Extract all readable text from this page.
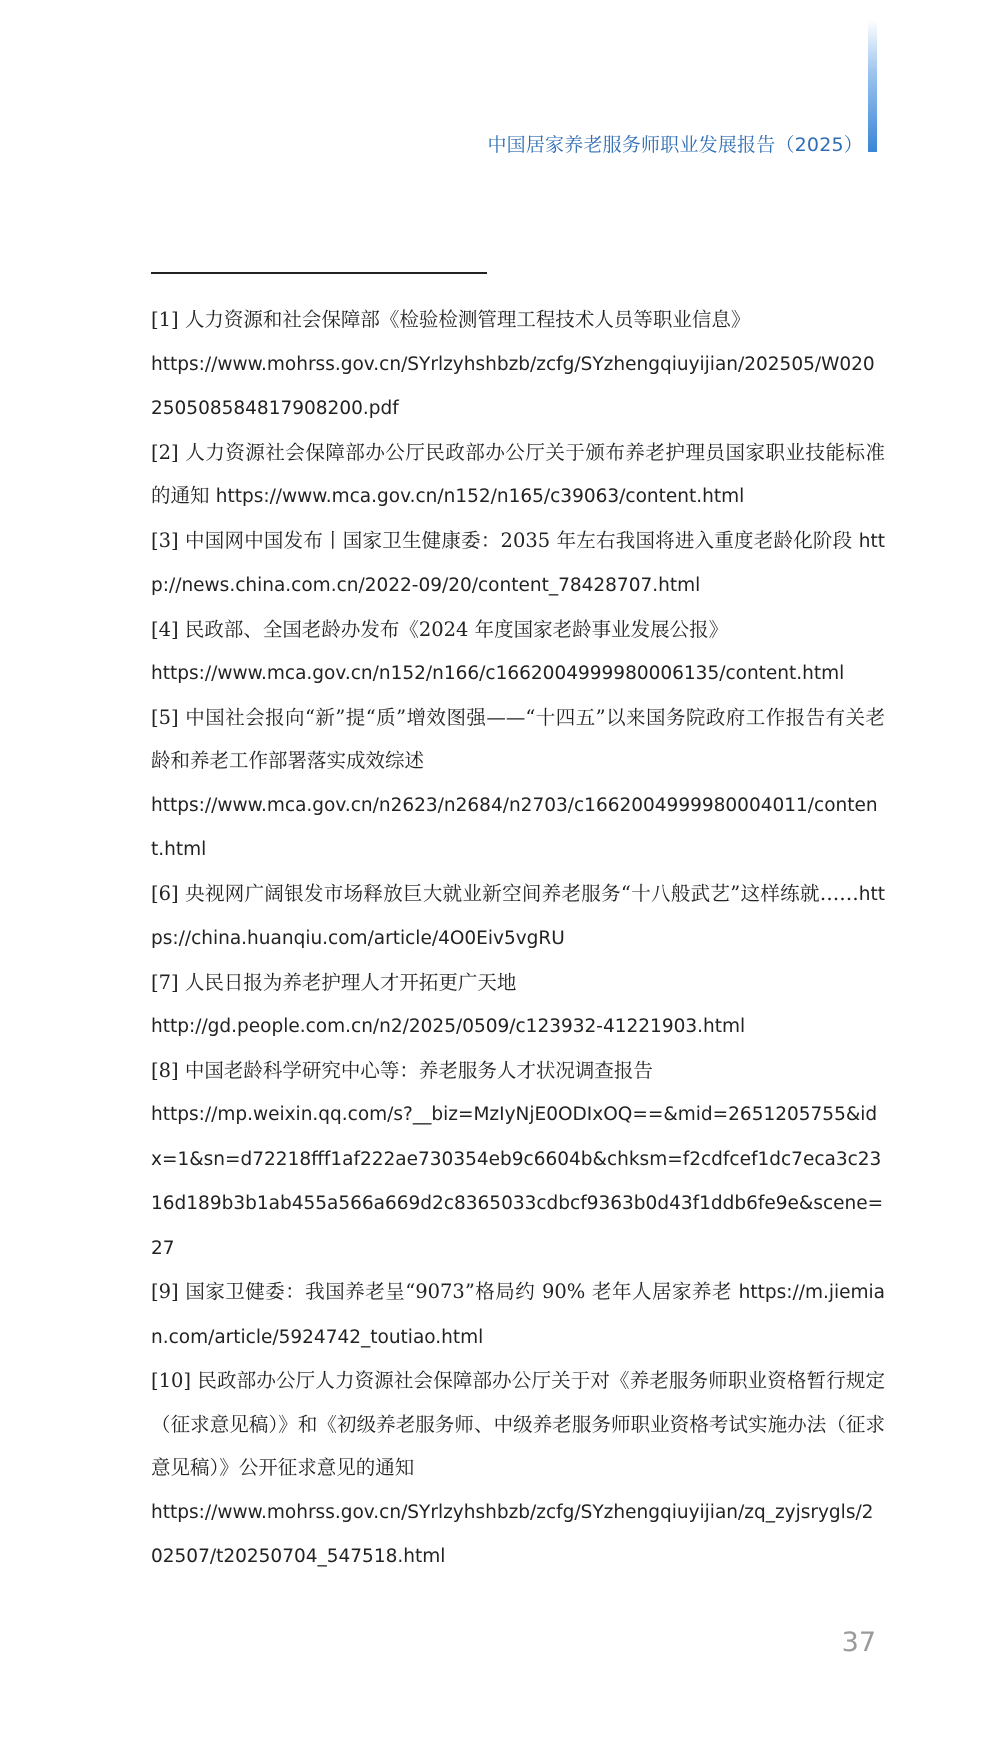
中国居家养老服务师职业发展报告（2025）
[1] 人力资源和社会保障部《检验检测管理工程技术人员等职业信息》
https://www.mohrss.gov.cn/SYrlzyhshbzb/zcfg/SYzhengqiuyijian/202505/W020250508584817908200.pdf
[2] 人力资源社会保障部办公厅民政部办公厅关于颁布养老护理员国家职业技能标准的通知 https://www.mca.gov.cn/n152/n165/c39063/content.html
[3] 中国网中国发布丨国家卫生健康委：2035 年左右我国将进入重度老龄化阶段 http://news.china.com.cn/2022-09/20/content_78428707.html
[4] 民政部、全国老龄办发布《2024 年度国家老龄事业发展公报》
https://www.mca.gov.cn/n152/n166/c1662004999980006135/content.html
[5] 中国社会报向“新”提“质”增效图强——“十四五”以来国务院政府工作报告有关老龄和养老工作部署落实成效综述
https://www.mca.gov.cn/n2623/n2684/n2703/c1662004999980004011/content.html
[6] 央视网广阔银发市场释放巨大就业新空间养老服务“十八般武艺”这样练就……https://china.huanqiu.com/article/4O0Eiv5vgRU
[7] 人民日报为养老护理人才开拓更广天地
http://gd.people.com.cn/n2/2025/0509/c123932-41221903.html
[8] 中国老龄科学研究中心等：养老服务人才状况调查报告
https://mp.weixin.qq.com/s?__biz=MzIyNjE0ODIxOQ==&mid=2651205755&idx=1&sn=d72218fff1af222ae730354eb9c6604b&chksm=f2cdfcef1dc7eca3c2316d189b3b1ab455a566a669d2c8365033cdbcf9363b0d43f1ddb6fe9e&scene=27
[9] 国家卫健委：我国养老呈“9073”格局约 90% 老年人居家养老 https://m.jiemian.com/article/5924742_toutiao.html
[10] 民政部办公厅人力资源社会保障部办公厅关于对《养老服务师职业资格暂行规定（征求意见稿）》和《初级养老服务师、中级养老服务师职业资格考试实施办法（征求意见稿）》公开征求意见的通知
https://www.mohrss.gov.cn/SYrlzyhshbzb/zcfg/SYzhengqiuyijian/zq_zyjsrygls/202507/t20250704_547518.html
37
